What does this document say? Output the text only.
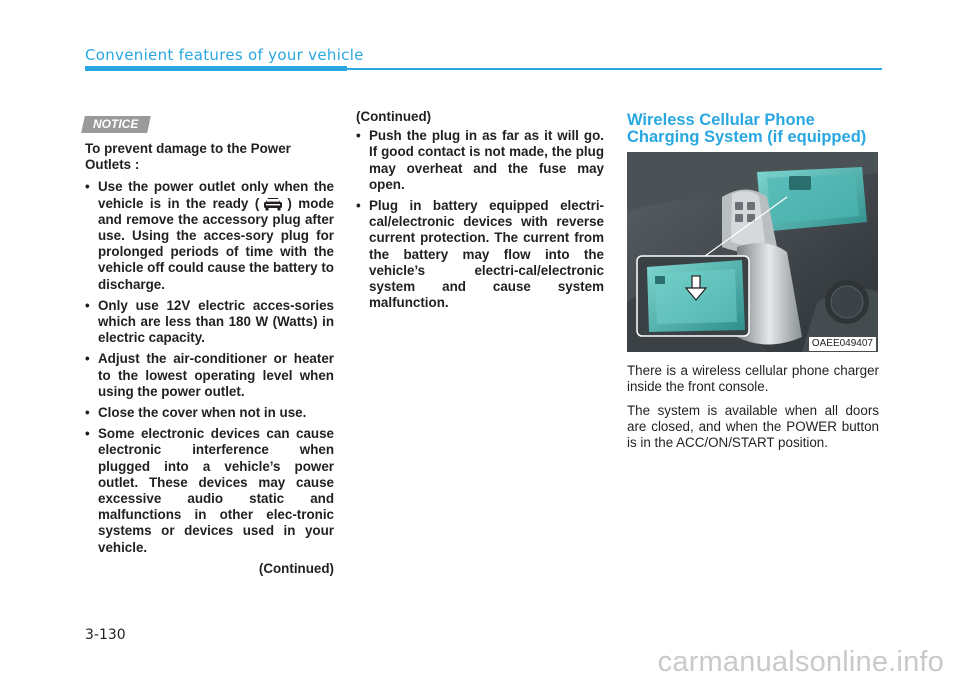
Convenient features of your vehicle
NOTICE

To prevent damage to the Power Outlets :

• Use the power outlet only when the vehicle is in the ready ( ) mode and remove the accessory plug after use. Using the acces-sory plug for prolonged periods of time with the vehicle off could cause the battery to discharge.
• Only use 12V electric acces-sories which are less than 180 W (Watts) in electric capacity.
• Adjust the air-conditioner or heater to the lowest operating level when using the power outlet.
• Close the cover when not in use.
• Some electronic devices can cause electronic interference when plugged into a vehicle’s power outlet. These devices may cause excessive audio static and malfunctions in other elec-tronic systems or devices used in your vehicle.

(Continued)

(Continued)

• Push the plug in as far as it will go. If good contact is not made, the plug may overheat and the fuse may open.
• Plug in battery equipped electri-cal/electronic devices with reverse current protection. The current from the battery may flow into the vehicle’s electri-cal/electronic system and cause system malfunction.
Wireless Cellular Phone Charging System (if equipped)
OAEE049407

There is a wireless cellular phone charger inside the front console.

The system is available when all doors are closed, and when the POWER button is in the ACC/ON/START position.

3-130
carmanualsonline.info
